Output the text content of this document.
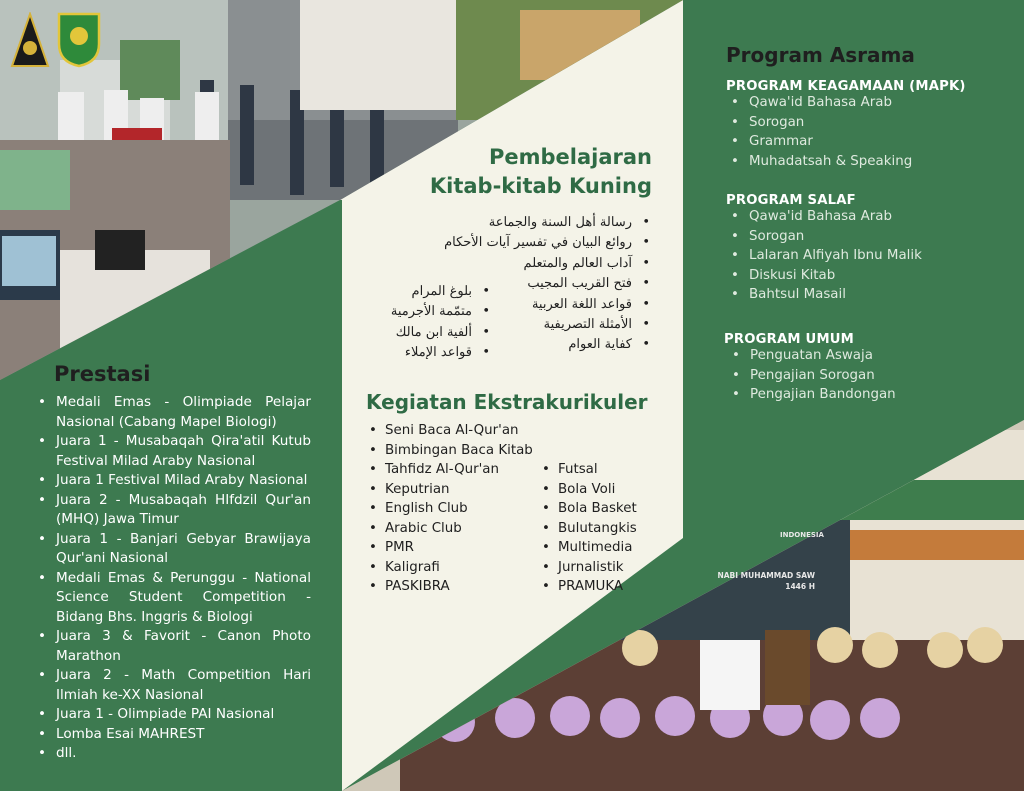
Prestasi
• Medali Emas - Olimpiade Pelajar Nasional (Cabang Mapel Biologi)
• Juara 1 - Musabaqah Qira'atil Kutub Festival Milad Araby Nasional
• Juara 1 Festival Milad Araby Nasional
• Juara 2 - Musabaqah HIfdzil Qur'an (MHQ) Jawa Timur
• Juara 1 - Banjari Gebyar Brawijaya Qur'ani Nasional
• Medali Emas & Perunggu - National Science Student Competition - Bidang Bhs. Inggris & Biologi
• Juara 3 & Favorit - Canon Photo Marathon
• Juara 2 - Math Competition Hari Ilmiah ke-XX Nasional
• Juara 1 - Olimpiade PAI Nasional
• Lomba Esai MAHREST
• dll.
Pembelajaran
Kitab-kitab Kuning
• رسالة أهل السنة والجماعة
• روائع البيان في تفسير آيات الأحكام
• آداب العالم والمتعلم
• فتح القريب المجيب
• قواعد اللغة العربية
• الأمثلة التصريفية
• كفاية العوام
• بلوغ المرام
• متمّمة الأجرمية
• ألفية ابن مالك
• قواعد الإملاء
Kegiatan Ekstrakurikuler
• Seni Baca Al-Qur'an
• Bimbingan Baca Kitab
• Tahfidz Al-Qur'an
• Keputrian
• English Club
• Arabic Club
• PMR
• Kaligrafi
• PASKIBRA
• Futsal
• Bola Voli
• Bola Basket
• Bulutangkis
• Multimedia
• Jurnalistik
• PRAMUKA
Program Asrama
PROGRAM KEAGAMAAN (MAPK)
• Qawa'id Bahasa Arab
• Sorogan
• Grammar
• Muhadatsah & Speaking
PROGRAM SALAF
• Qawa'id Bahasa Arab
• Sorogan
• Lalaran Alfiyah Ibnu Malik
• Diskusi Kitab
• Bahtsul Masail
PROGRAM UMUM
• Penguatan Aswaja
• Pengajian Sorogan
• Pengajian Bandongan
NABI MUHAMMAD SAW
1446 H
INDONESIA
